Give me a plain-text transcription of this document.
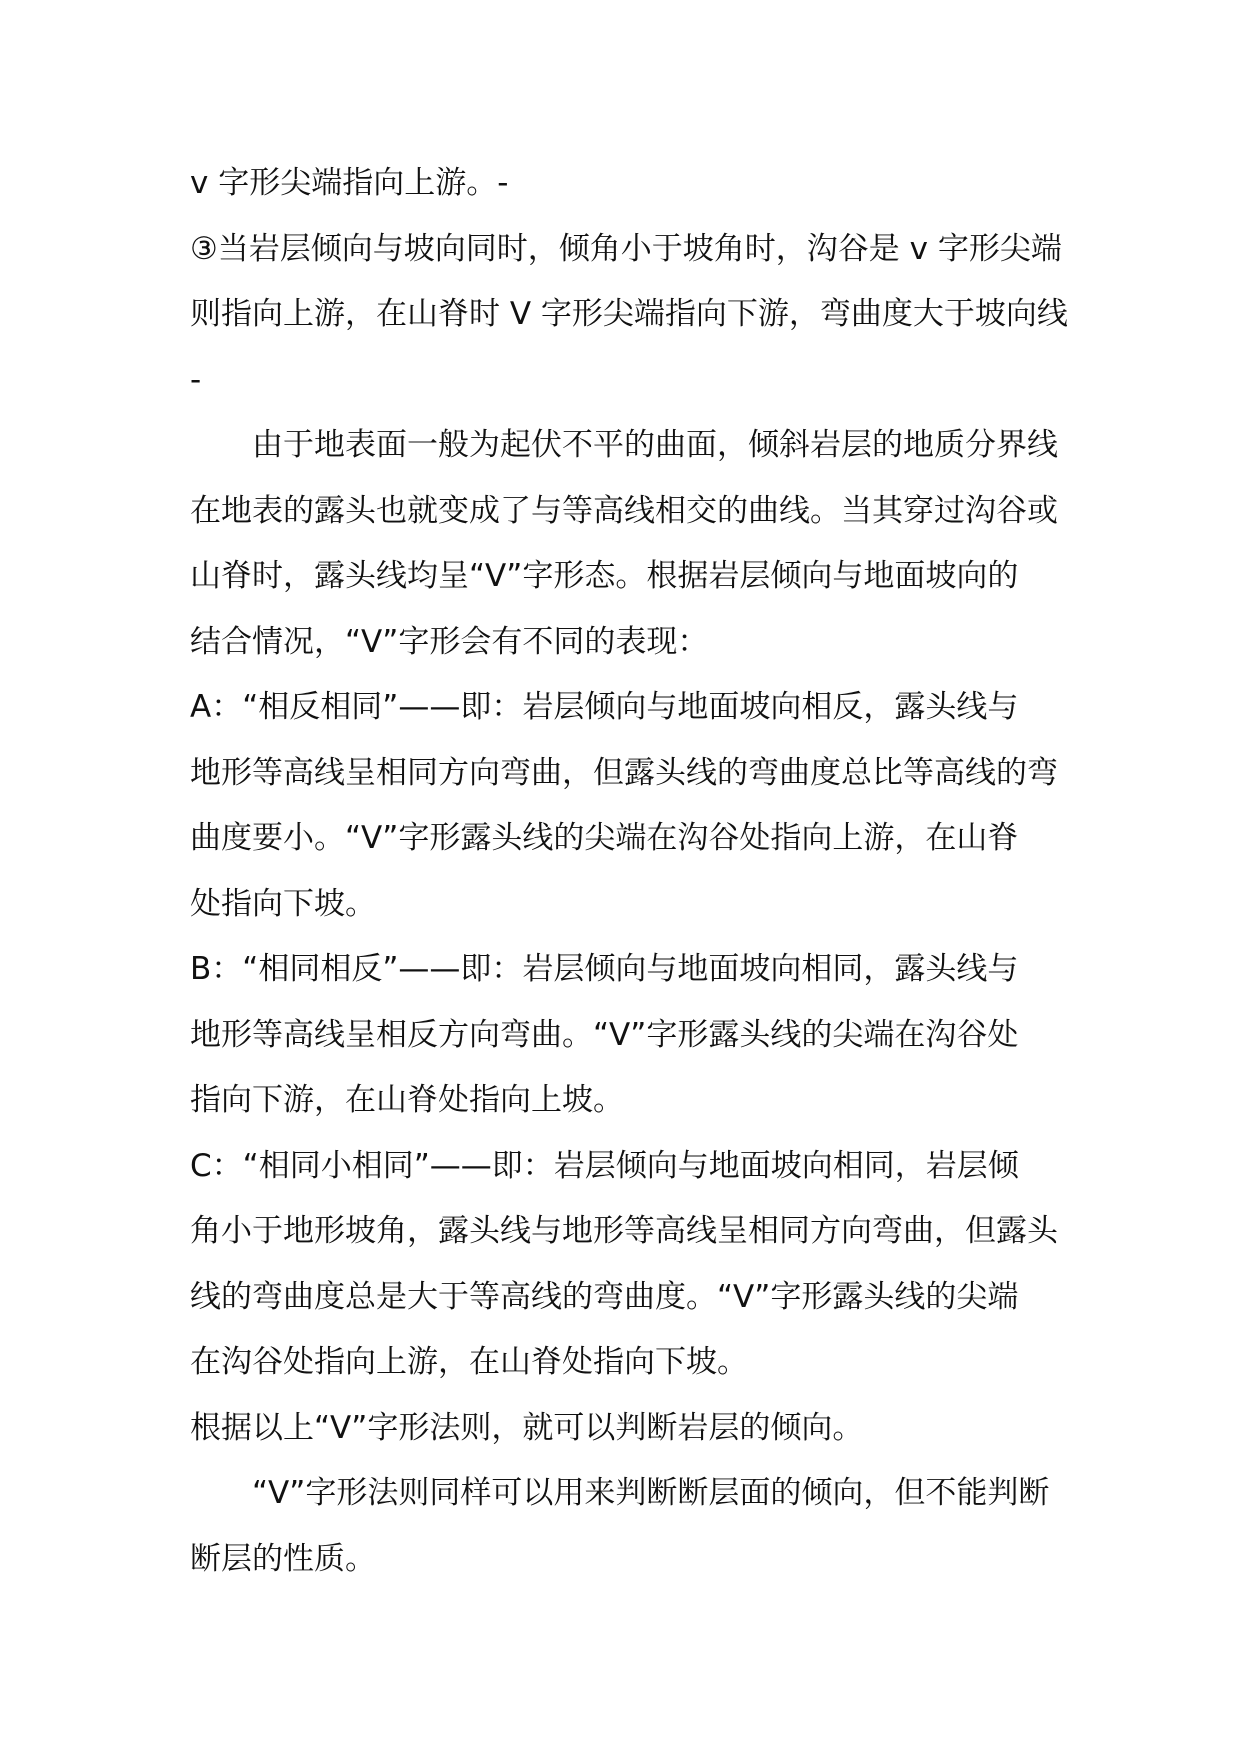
v 字形尖端指向上游。-
③当岩层倾向与坡向同时，倾角小于坡角时，沟谷是 v 字形尖端
则指向上游，在山脊时 V 字形尖端指向下游，弯曲度大于坡向线
-
由于地表面一般为起伏不平的曲面，倾斜岩层的地质分界线
在地表的露头也就变成了与等高线相交的曲线。当其穿过沟谷或
山脊时，露头线均呈“V”字形态。根据岩层倾向与地面坡向的
结合情况，“V”字形会有不同的表现：
A：“相反相同”——即：岩层倾向与地面坡向相反，露头线与
地形等高线呈相同方向弯曲，但露头线的弯曲度总比等高线的弯
曲度要小。“V”字形露头线的尖端在沟谷处指向上游，在山脊
处指向下坡。
B：“相同相反”——即：岩层倾向与地面坡向相同，露头线与
地形等高线呈相反方向弯曲。“V”字形露头线的尖端在沟谷处
指向下游，在山脊处指向上坡。
C：“相同小相同”——即：岩层倾向与地面坡向相同，岩层倾
角小于地形坡角，露头线与地形等高线呈相同方向弯曲，但露头
线的弯曲度总是大于等高线的弯曲度。“V”字形露头线的尖端
在沟谷处指向上游，在山脊处指向下坡。
根据以上“V”字形法则，就可以判断岩层的倾向。
“V”字形法则同样可以用来判断断层面的倾向，但不能判断
断层的性质。
